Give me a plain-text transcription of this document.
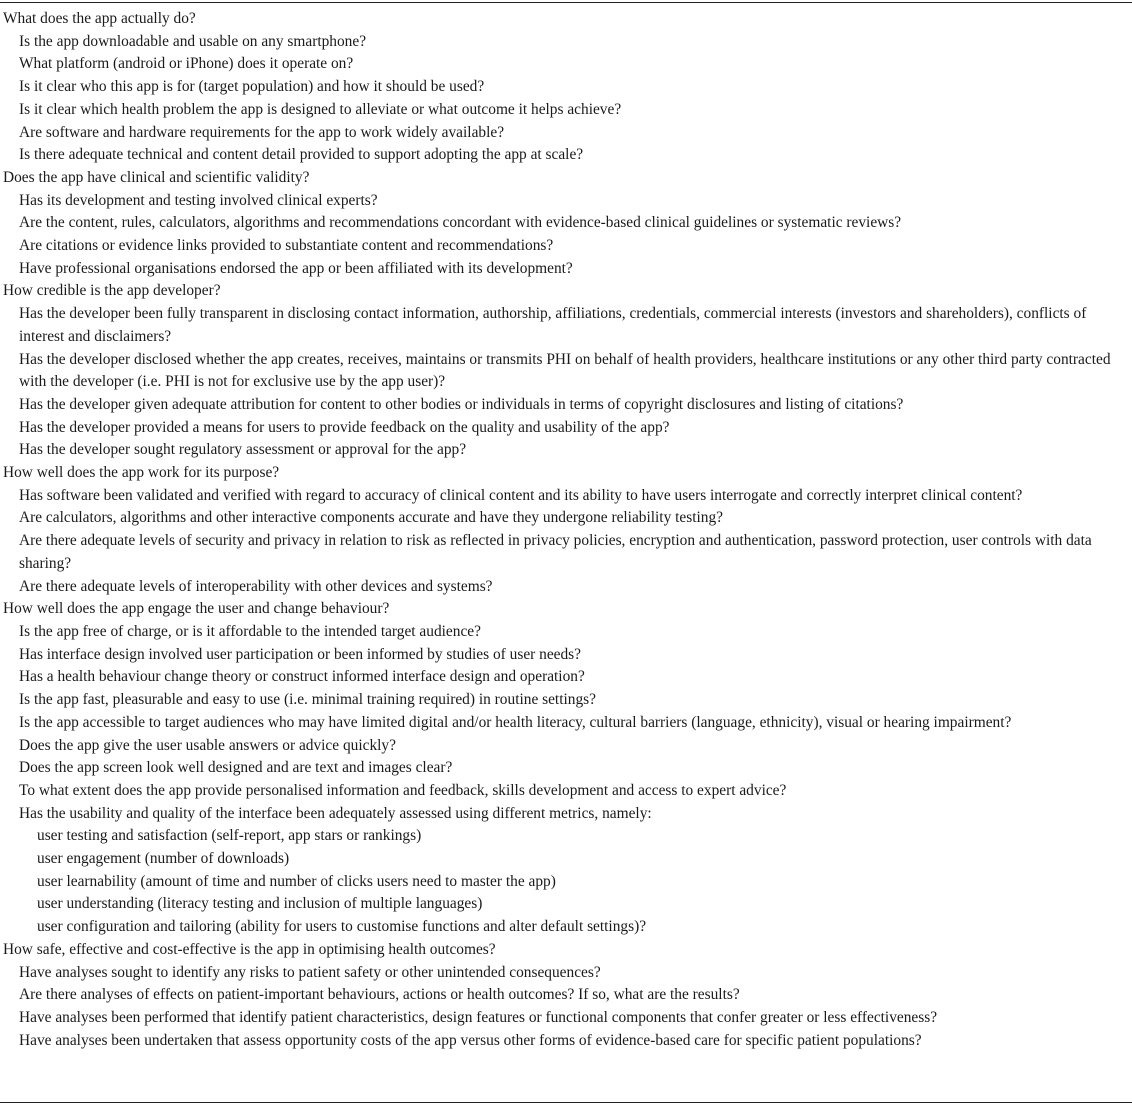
What does the app actually do?
Is the app downloadable and usable on any smartphone?
What platform (android or iPhone) does it operate on?
Is it clear who this app is for (target population) and how it should be used?
Is it clear which health problem the app is designed to alleviate or what outcome it helps achieve?
Are software and hardware requirements for the app to work widely available?
Is there adequate technical and content detail provided to support adopting the app at scale?
Does the app have clinical and scientific validity?
Has its development and testing involved clinical experts?
Are the content, rules, calculators, algorithms and recommendations concordant with evidence-based clinical guidelines or systematic reviews?
Are citations or evidence links provided to substantiate content and recommendations?
Have professional organisations endorsed the app or been affiliated with its development?
How credible is the app developer?
Has the developer been fully transparent in disclosing contact information, authorship, affiliations, credentials, commercial interests (investors and shareholders), conflicts of interest and disclaimers?
Has the developer disclosed whether the app creates, receives, maintains or transmits PHI on behalf of health providers, healthcare institutions or any other third party contracted with the developer (i.e. PHI is not for exclusive use by the app user)?
Has the developer given adequate attribution for content to other bodies or individuals in terms of copyright disclosures and listing of citations?
Has the developer provided a means for users to provide feedback on the quality and usability of the app?
Has the developer sought regulatory assessment or approval for the app?
How well does the app work for its purpose?
Has software been validated and verified with regard to accuracy of clinical content and its ability to have users interrogate and correctly interpret clinical content?
Are calculators, algorithms and other interactive components accurate and have they undergone reliability testing?
Are there adequate levels of security and privacy in relation to risk as reflected in privacy policies, encryption and authentication, password protection, user controls with data sharing?
Are there adequate levels of interoperability with other devices and systems?
How well does the app engage the user and change behaviour?
Is the app free of charge, or is it affordable to the intended target audience?
Has interface design involved user participation or been informed by studies of user needs?
Has a health behaviour change theory or construct informed interface design and operation?
Is the app fast, pleasurable and easy to use (i.e. minimal training required) in routine settings?
Is the app accessible to target audiences who may have limited digital and/or health literacy, cultural barriers (language, ethnicity), visual or hearing impairment?
Does the app give the user usable answers or advice quickly?
Does the app screen look well designed and are text and images clear?
To what extent does the app provide personalised information and feedback, skills development and access to expert advice?
Has the usability and quality of the interface been adequately assessed using different metrics, namely:
user testing and satisfaction (self-report, app stars or rankings)
user engagement (number of downloads)
user learnability (amount of time and number of clicks users need to master the app)
user understanding (literacy testing and inclusion of multiple languages)
user configuration and tailoring (ability for users to customise functions and alter default settings)?
How safe, effective and cost-effective is the app in optimising health outcomes?
Have analyses sought to identify any risks to patient safety or other unintended consequences?
Are there analyses of effects on patient-important behaviours, actions or health outcomes? If so, what are the results?
Have analyses been performed that identify patient characteristics, design features or functional components that confer greater or less effectiveness?
Have analyses been undertaken that assess opportunity costs of the app versus other forms of evidence-based care for specific patient populations?
